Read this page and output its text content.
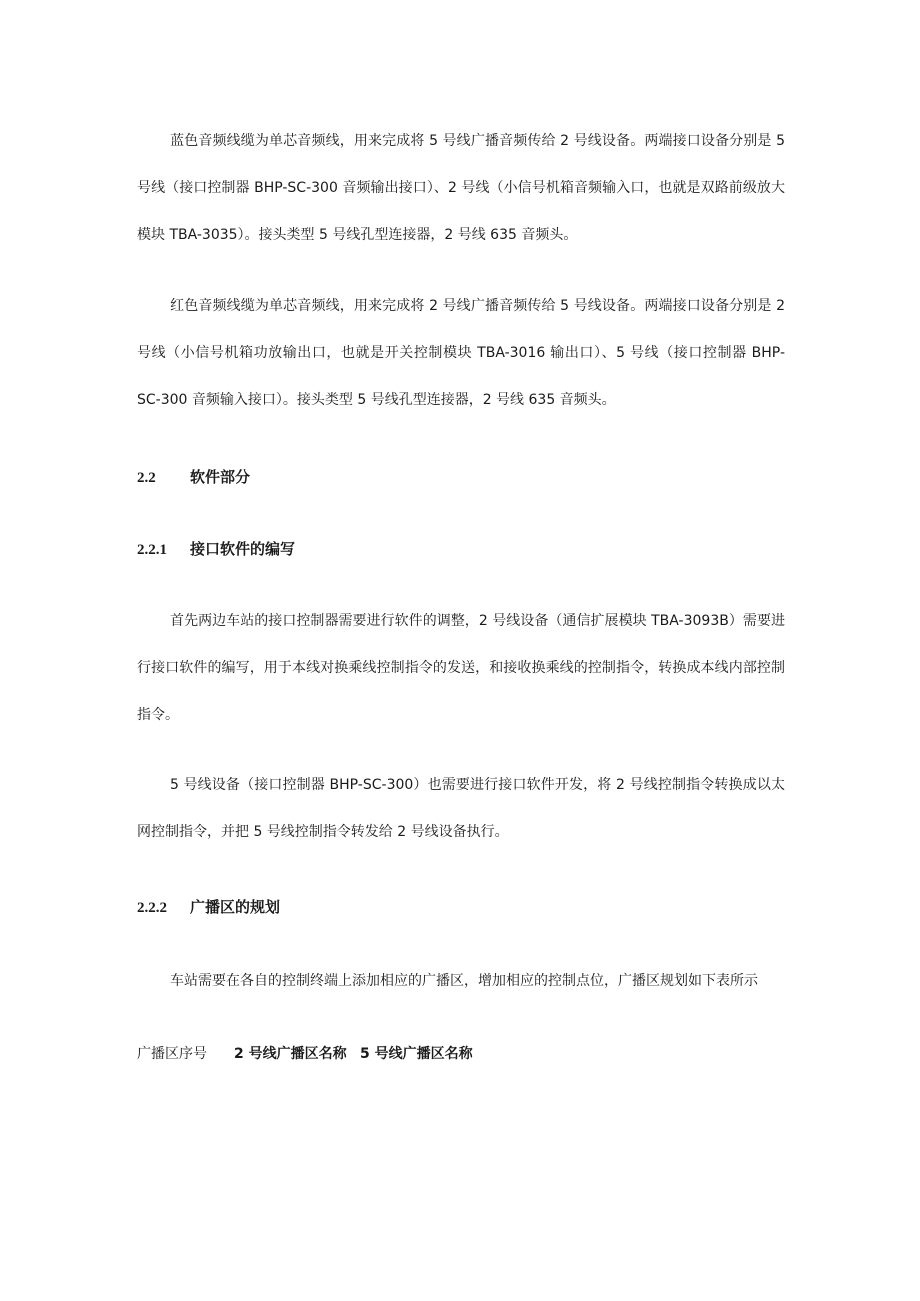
蓝色音频线缆为单芯音频线，用来完成将 5 号线广播音频传给 2 号线设备。两端接口设备分别是 5 号线（接口控制器 BHP-SC-300 音频输出接口）、2 号线（小信号机箱音频输入口，也就是双路前级放大模块 TBA-3035）。接头类型 5 号线孔型连接器，2 号线 635 音频头。

红色音频线缆为单芯音频线，用来完成将 2 号线广播音频传给 5 号线设备。两端接口设备分别是 2 号线（小信号机箱功放输出口，也就是开关控制模块 TBA-3016 输出口）、5 号线（接口控制器 BHP-SC-300 音频输入接口）。接头类型 5 号线孔型连接器，2 号线 635 音频头。

2.2 软件部分
2.2.1 接口软件的编写

首先两边车站的接口控制器需要进行软件的调整，2 号线设备（通信扩展模块 TBA-3093B）需要进行接口软件的编写，用于本线对换乘线控制指令的发送，和接收换乘线的控制指令，转换成本线内部控制指令。

5 号线设备（接口控制器 BHP-SC-300）也需要进行接口软件开发，将 2 号线控制指令转换成以太网控制指令，并把 5 号线控制指令转发给 2 号线设备执行。

2.2.2 广播区的规划

车站需要在各自的控制终端上添加相应的广播区，增加相应的控制点位，广播区规划如下表所示

广播区序号 2 号线广播区名称 5 号线广播区名称
